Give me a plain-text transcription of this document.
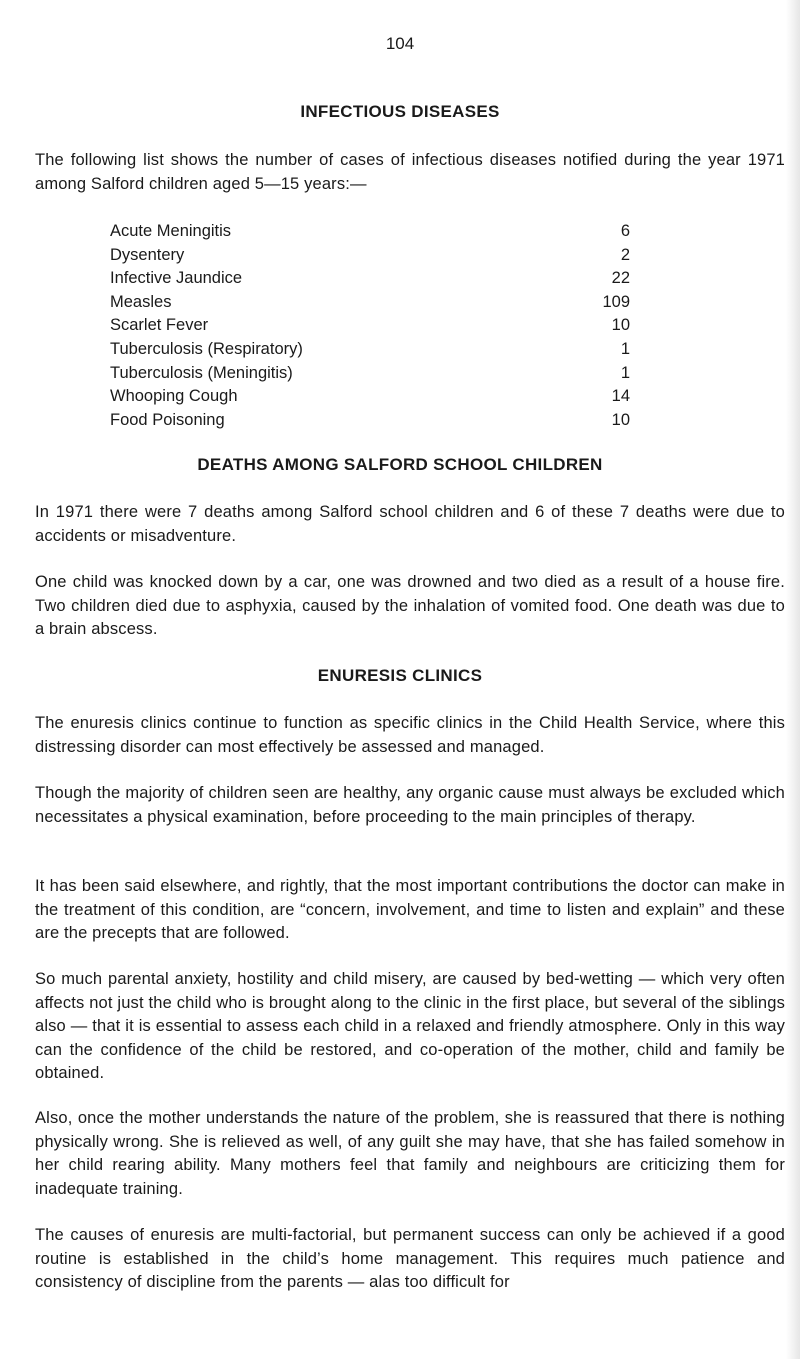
104
INFECTIOUS DISEASES
The following list shows the number of cases of infectious diseases notified during the year 1971 among Salford children aged 5—15 years:—
Acute Meningitis	6
Dysentery	2
Infective Jaundice	22
Measles	109
Scarlet Fever	10
Tuberculosis (Respiratory)	1
Tuberculosis (Meningitis)	1
Whooping Cough	14
Food Poisoning	10
DEATHS AMONG SALFORD SCHOOL CHILDREN
In 1971 there were 7 deaths among Salford school children and 6 of these 7 deaths were due to accidents or misadventure.
One child was knocked down by a car, one was drowned and two died as a result of a house fire. Two children died due to asphyxia, caused by the inhalation of vomited food. One death was due to a brain abscess.
ENURESIS CLINICS
The enuresis clinics continue to function as specific clinics in the Child Health Service, where this distressing disorder can most effectively be assessed and managed.
Though the majority of children seen are healthy, any organic cause must always be excluded which necessitates a physical examination, before proceeding to the main principles of therapy.
It has been said elsewhere, and rightly, that the most important contributions the doctor can make in the treatment of this condition, are “concern, involvement, and time to listen and explain” and these are the precepts that are followed.
So much parental anxiety, hostility and child misery, are caused by bed-wetting — which very often affects not just the child who is brought along to the clinic in the first place, but several of the siblings also — that it is essential to assess each child in a relaxed and friendly atmosphere. Only in this way can the confidence of the child be restored, and co-operation of the mother, child and family be obtained.
Also, once the mother understands the nature of the problem, she is reassured that there is nothing physically wrong. She is relieved as well, of any guilt she may have, that she has failed somehow in her child rearing ability. Many mothers feel that family and neighbours are criticizing them for inadequate training.
The causes of enuresis are multi-factorial, but permanent success can only be achieved if a good routine is established in the child’s home management. This requires much patience and consistency of discipline from the parents — alas too difficult for
